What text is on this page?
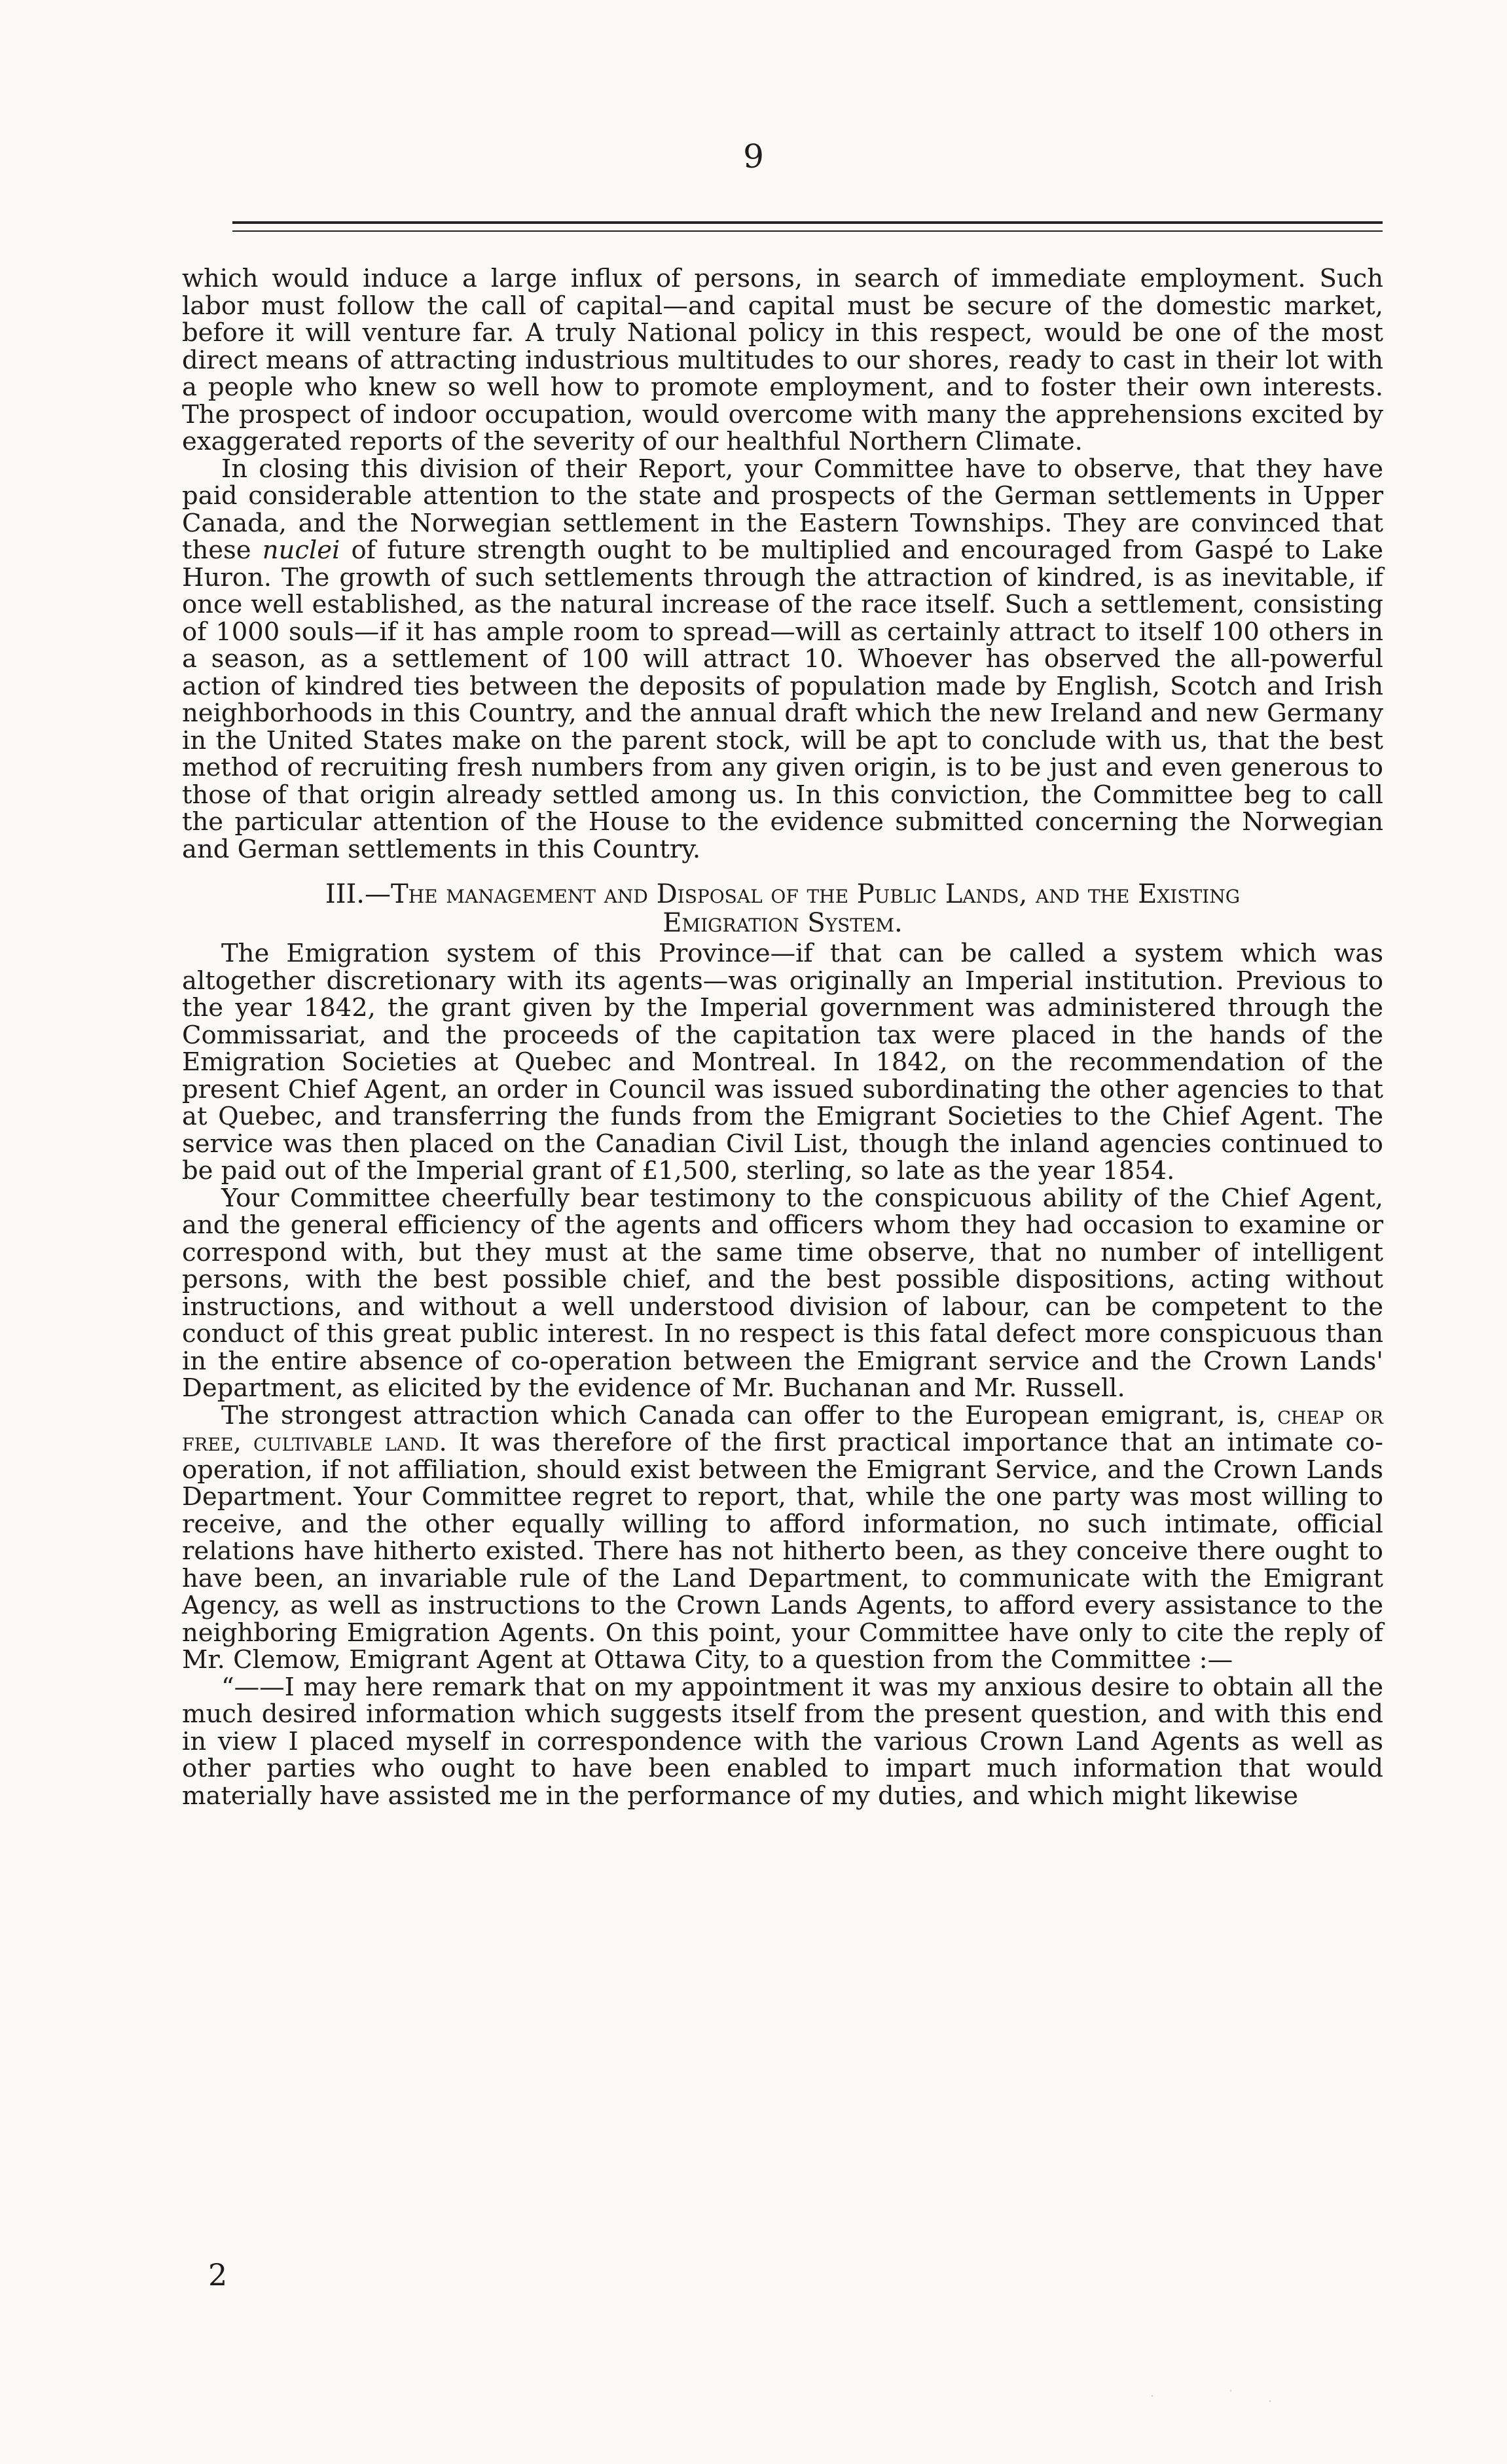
9

which would induce a large influx of persons, in search of immediate employment. Such labor must follow the call of capital—and capital must be secure of the domestic market, before it will venture far. A truly National policy in this respect, would be one of the most direct means of attracting industrious multitudes to our shores, ready to cast in their lot with a people who knew so well how to promote employment, and to foster their own interests. The prospect of indoor occupation, would overcome with many the apprehensions excited by exaggerated reports of the severity of our healthful Northern Climate.

In closing this division of their Report, your Committee have to observe, that they have paid considerable attention to the state and prospects of the German settlements in Upper Canada, and the Norwegian settlement in the Eastern Townships. They are convinced that these nuclei of future strength ought to be multiplied and encouraged from Gaspé to Lake Huron. The growth of such settlements through the attraction of kindred, is as inevitable, if once well established, as the natural increase of the race itself. Such a settlement, consisting of 1000 souls—if it has ample room to spread—will as certainly attract to itself 100 others in a season, as a settlement of 100 will attract 10. Whoever has observed the all-powerful action of kindred ties between the deposits of population made by English, Scotch and Irish neighborhoods in this Country, and the annual draft which the new Ireland and new Germany in the United States make on the parent stock, will be apt to conclude with us, that the best method of recruiting fresh numbers from any given origin, is to be just and even generous to those of that origin already settled among us. In this conviction, the Committee beg to call the particular attention of the House to the evidence submitted concerning the Norwegian and German settlements in this Country.

III.—The management and Disposal of the Public Lands, and the Existing
Emigration System.

The Emigration system of this Province—if that can be called a system which was altogether discretionary with its agents—was originally an Imperial institution. Previous to the year 1842, the grant given by the Imperial government was administered through the Commissariat, and the proceeds of the capitation tax were placed in the hands of the Emigration Societies at Quebec and Montreal. In 1842, on the recommendation of the present Chief Agent, an order in Council was issued subordinating the other agencies to that at Quebec, and transferring the funds from the Emigrant Societies to the Chief Agent. The service was then placed on the Canadian Civil List, though the inland agencies continued to be paid out of the Imperial grant of £1,500, sterling, so late as the year 1854.

Your Committee cheerfully bear testimony to the conspicuous ability of the Chief Agent, and the general efficiency of the agents and officers whom they had occasion to examine or correspond with, but they must at the same time observe, that no number of intelligent persons, with the best possible chief, and the best possible dispositions, acting without instructions, and without a well understood division of labour, can be competent to the conduct of this great public interest. In no respect is this fatal defect more conspicuous than in the entire absence of co-operation between the Emigrant service and the Crown Lands' Department, as elicited by the evidence of Mr. Buchanan and Mr. Russell.

The strongest attraction which Canada can offer to the European emigrant, is, cheap or free, cultivable land. It was therefore of the first practical importance that an intimate co-operation, if not affiliation, should exist between the Emigrant Service, and the Crown Lands Department. Your Committee regret to report, that, while the one party was most willing to receive, and the other equally willing to afford information, no such intimate, official relations have hitherto existed. There has not hitherto been, as they conceive there ought to have been, an invariable rule of the Land Department, to communicate with the Emigrant Agency, as well as instructions to the Crown Lands Agents, to afford every assistance to the neighboring Emigration Agents. On this point, your Committee have only to cite the reply of Mr. Clemow, Emigrant Agent at Ottawa City, to a question from the Committee :—

“——I may here remark that on my appointment it was my anxious desire to obtain all the much desired information which suggests itself from the present question, and with this end in view I placed myself in correspondence with the various Crown Land Agents as well as other parties who ought to have been enabled to impart much information that would materially have assisted me in the performance of my duties, and which might likewise

2
